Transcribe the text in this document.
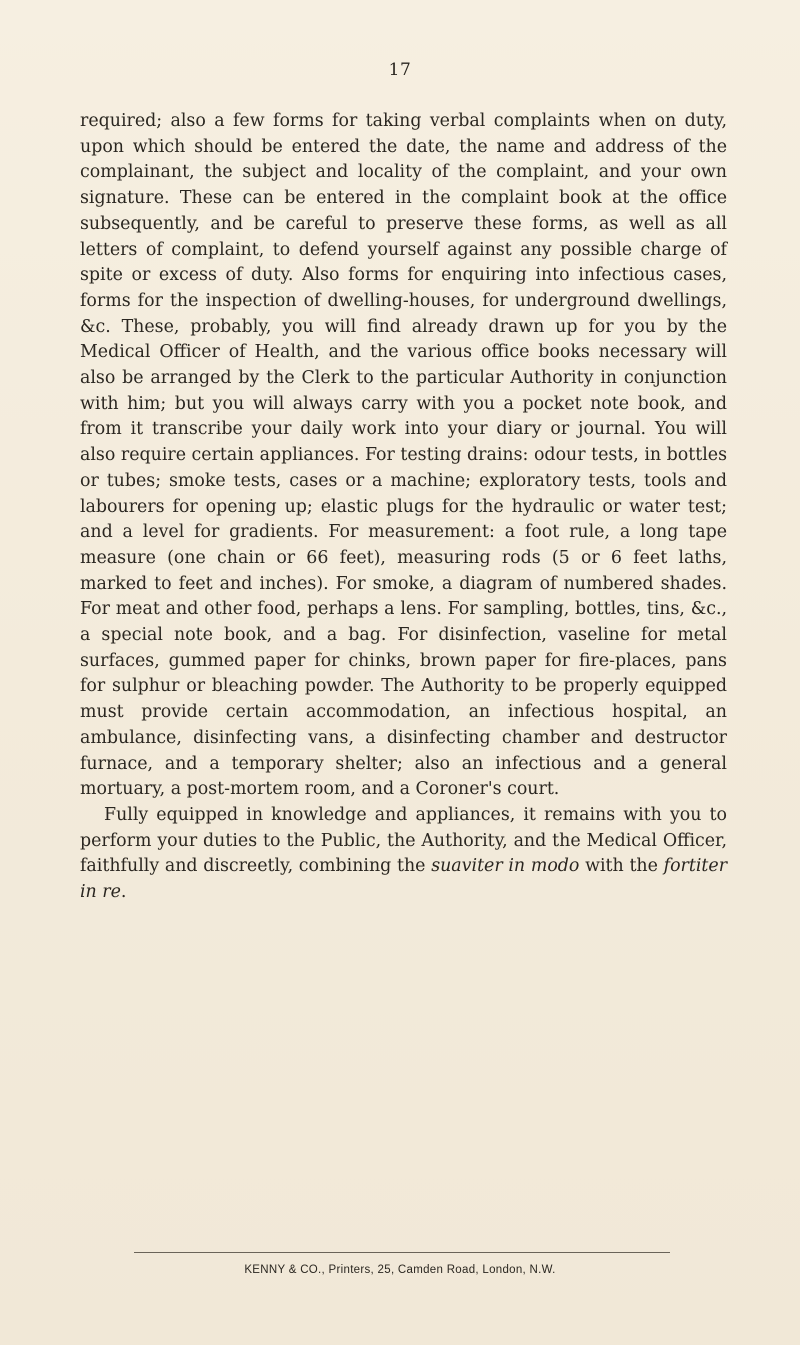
17

required; also a few forms for taking verbal complaints when on duty, upon which should be entered the date, the name and address of the complainant, the subject and locality of the complaint, and your own signature. These can be entered in the complaint book at the office subsequently, and be careful to preserve these forms, as well as all letters of complaint, to defend yourself against any possible charge of spite or excess of duty. Also forms for enquiring into infectious cases, forms for the inspection of dwelling-houses, for underground dwellings, &c. These, probably, you will find already drawn up for you by the Medical Officer of Health, and the various office books necessary will also be arranged by the Clerk to the particular Authority in conjunction with him; but you will always carry with you a pocket note book, and from it transcribe your daily work into your diary or journal. You will also require certain appliances. For testing drains: odour tests, in bottles or tubes; smoke tests, cases or a machine; exploratory tests, tools and labourers for opening up; elastic plugs for the hydraulic or water test; and a level for gradients. For measurement: a foot rule, a long tape measure (one chain or 66 feet), measuring rods (5 or 6 feet laths, marked to feet and inches). For smoke, a diagram of numbered shades. For meat and other food, perhaps a lens. For sampling, bottles, tins, &c., a special note book, and a bag. For disinfection, vaseline for metal surfaces, gummed paper for chinks, brown paper for fire-places, pans for sulphur or bleaching powder. The Authority to be properly equipped must provide certain accommodation, an infectious hospital, an ambulance, disinfecting vans, a disinfecting chamber and destructor furnace, and a temporary shelter; also an infectious and a general mortuary, a post-mortem room, and a Coroner's court.

Fully equipped in knowledge and appliances, it remains with you to perform your duties to the Public, the Authority, and the Medical Officer, faithfully and discreetly, combining the suaviter in modo with the fortiter in re.

KENNY & CO., Printers, 25, Camden Road, London, N.W.
